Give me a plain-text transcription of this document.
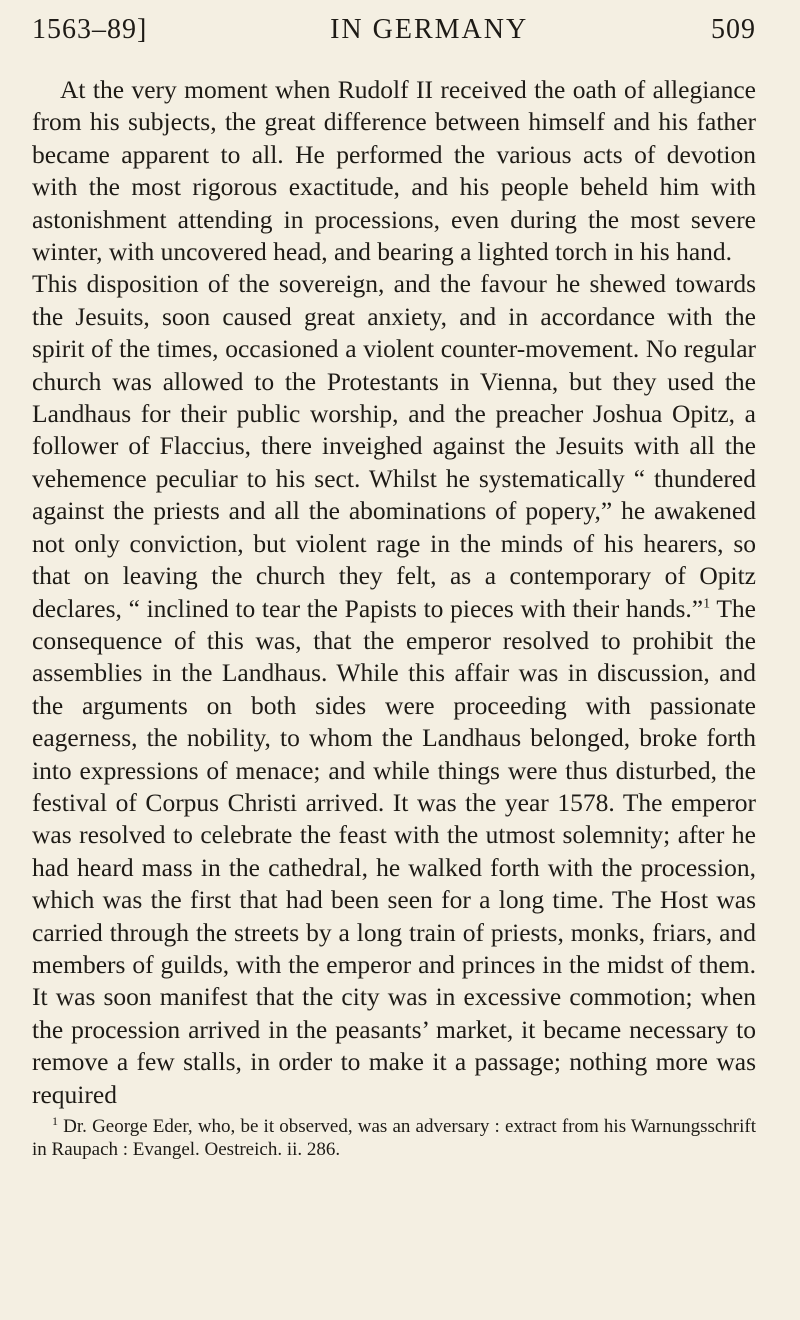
1563–89]	IN GERMANY	509

At the very moment when Rudolf II received the oath of allegiance from his subjects, the great difference between himself and his father became apparent to all. He performed the various acts of devotion with the most rigorous exactitude, and his people beheld him with astonishment attending in processions, even during the most severe winter, with uncovered head, and bearing a lighted torch in his hand.

This disposition of the sovereign, and the favour he shewed towards the Jesuits, soon caused great anxiety, and in accordance with the spirit of the times, occasioned a violent counter-movement. No regular church was allowed to the Protestants in Vienna, but they used the Landhaus for their public worship, and the preacher Joshua Opitz, a follower of Flaccius, there inveighed against the Jesuits with all the vehemence peculiar to his sect. Whilst he systematically “ thundered against the priests and all the abominations of popery,” he awakened not only conviction, but violent rage in the minds of his hearers, so that on leaving the church they felt, as a contemporary of Opitz declares, “ inclined to tear the Papists to pieces with their hands.”$^1$ The consequence of this was, that the emperor resolved to prohibit the assemblies in the Landhaus. While this affair was in discussion, and the arguments on both sides were proceeding with passionate eagerness, the nobility, to whom the Landhaus belonged, broke forth into expressions of menace; and while things were thus disturbed, the festival of Corpus Christi arrived. It was the year 1578. The emperor was resolved to celebrate the feast with the utmost solemnity; after he had heard mass in the cathedral, he walked forth with the procession, which was the first that had been seen for a long time. The Host was carried through the streets by a long train of priests, monks, friars, and members of guilds, with the emperor and princes in the midst of them. It was soon manifest that the city was in excessive commotion; when the procession arrived in the peasants’ market, it became necessary to remove a few stalls, in order to make it a passage; nothing more was required

$^1$ Dr. George Eder, who, be it observed, was an adversary : extract from his Warnungsschrift in Raupach : Evangel. Oestreich. ii. 286.
